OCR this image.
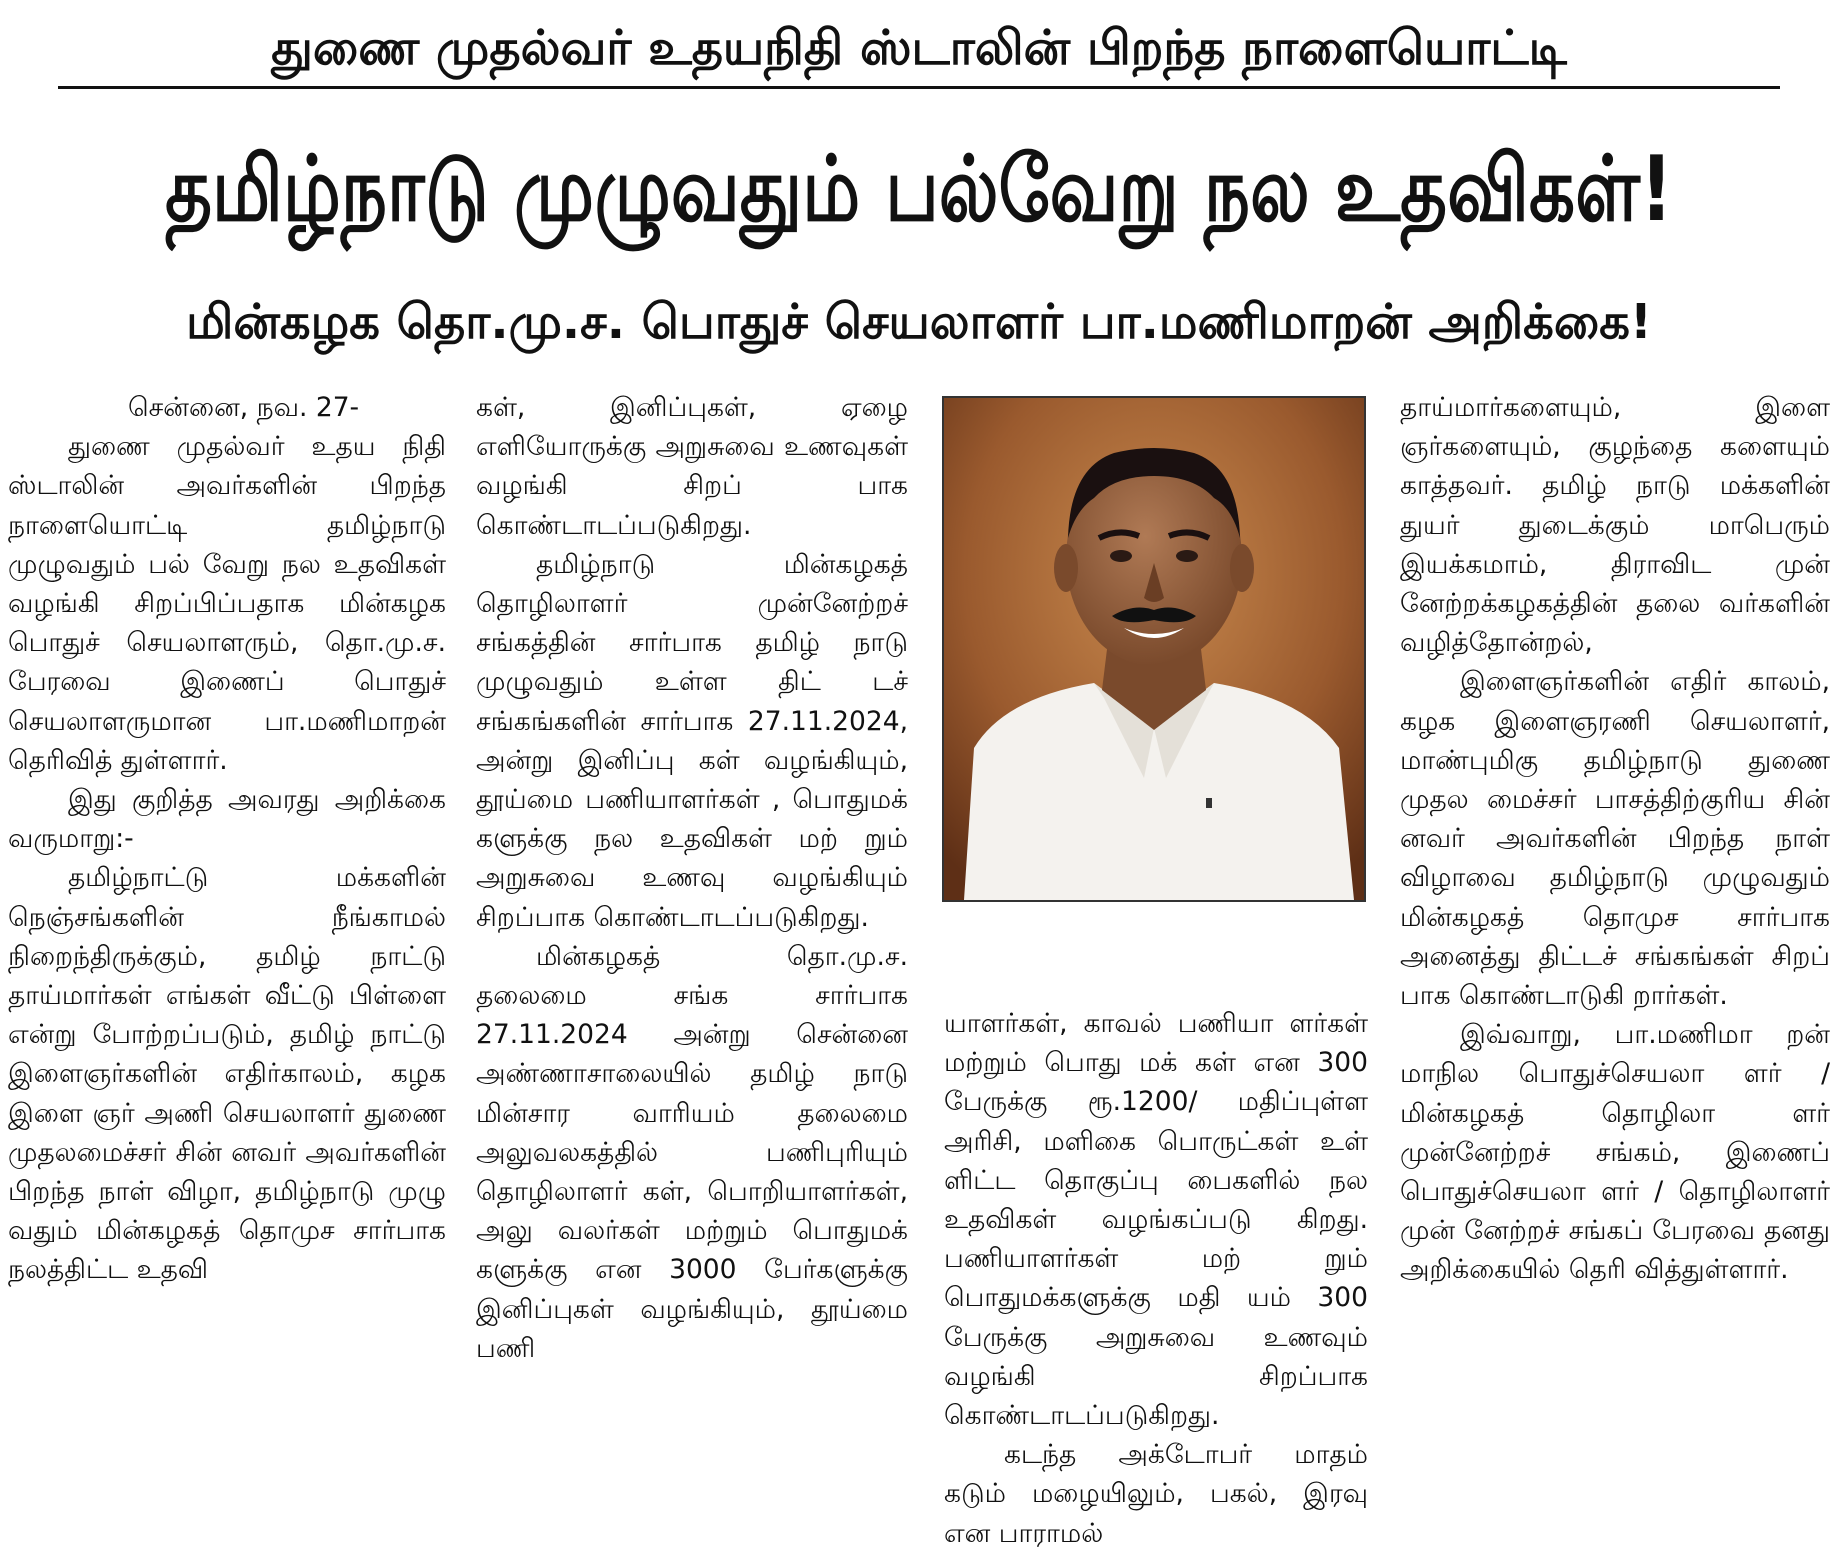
துணை முதல்வர் உதயநிதி ஸ்டாலின் பிறந்த நாளையொட்டி
தமிழ்நாடு முழுவதும் பல்வேறு நல உதவிகள்!
மின்கழக தொ.மு.ச. பொதுச் செயலாளர் பா.மணிமாறன் அறிக்கை!

சென்னை, நவ. 27-

துணை முதல்வர் உதய நிதி ஸ்டாலின் அவர்களின் பிறந்த நாளையொட்டி தமிழ்நாடு முழுவதும் பல் வேறு நல உதவிகள் வழங்கி சிறப்பிப்பதாக மின்கழக பொதுச் செயலாளரும், தொ.மு.ச. பேரவை இணைப் பொதுச் செயலாளருமான பா.மணிமாறன் தெரிவித் துள்ளார்.

இது குறித்த அவரது அறிக்கை வருமாறு:-

தமிழ்நாட்டு மக்களின் நெஞ்சங்களின் நீங்காமல் நிறைந்திருக்கும், தமிழ் நாட்டு தாய்மார்கள் எங்கள் வீட்டு பிள்ளை என்று போற்றப்படும், தமிழ் நாட்டு இளைஞர்களின் எதிர்காலம், கழக இளை ஞர் அணி செயலாளர் துணை முதலமைச்சர் சின் னவர் அவர்களின் பிறந்த நாள் விழா, தமிழ்நாடு முழு வதும் மின்கழகத் தொமுச சார்பாக நலத்திட்ட உதவி

கள், இனிப்புகள், ஏழை எளியோருக்கு அறுசுவை உணவுகள் வழங்கி சிறப் பாக கொண்டாடப்படுகிறது.

தமிழ்நாடு மின்கழகத் தொழிலாளர் முன்னேற்றச் சங்கத்தின் சார்பாக தமிழ் நாடு முழுவதும் உள்ள திட் டச் சங்கங்களின் சார்பாக 27.11.2024, அன்று இனிப்பு கள் வழங்கியும், தூய்மை பணியாளர்கள் , பொதுமக் களுக்கு நல உதவிகள் மற் றும் அறுசுவை உணவு வழங்கியும் சிறப்பாக கொண்டாடப்படுகிறது.

மின்கழகத் தொ.மு.ச. தலைமை சங்க சார்பாக 27.11.2024 அன்று சென்னை அண்ணாசாலையில் தமிழ் நாடு மின்சார வாரியம் தலைமை அலுவலகத்தில் பணிபுரியும் தொழிலாளர் கள், பொறியாளர்கள், அலு வலர்கள் மற்றும் பொதுமக் களுக்கு என 3000 பேர்களுக்கு இனிப்புகள் வழங்கியும், தூய்மை பணி

யாளர்கள், காவல் பணியா ளர்கள் மற்றும் பொது மக் கள் என 300 பேருக்கு ரூ.1200/ மதிப்புள்ள அரிசி, மளிகை பொருட்கள் உள் ளிட்ட தொகுப்பு பைகளில் நல உதவிகள் வழங்கப்படு கிறது. பணியாளர்கள் மற் றும் பொதுமக்களுக்கு மதி யம் 300 பேருக்கு அறுசுவை உணவும் வழங்கி சிறப்பாக கொண்டாடப்படுகிறது.

கடந்த அக்டோபர் மாதம் கடும் மழையிலும், பகல், இரவு என பாராமல்

தாய்மார்களையும், இளை ஞர்களையும், குழந்தை களையும் காத்தவர். தமிழ் நாடு மக்களின் துயர் துடைக்கும் மாபெரும் இயக்கமாம், திராவிட முன் னேற்றக்கழகத்தின் தலை வர்களின் வழித்தோன்றல்,

இளைஞர்களின் எதிர் காலம், கழக இளைஞரணி செயலாளர், மாண்புமிகு தமிழ்நாடு துணை முதல மைச்சர் பாசத்திற்குரிய சின் னவர் அவர்களின் பிறந்த நாள் விழாவை தமிழ்நாடு முழுவதும் மின்கழகத் தொமுச சார்பாக அனைத்து திட்டச் சங்கங்கள் சிறப் பாக கொண்டாடுகி றார்கள்.

இவ்வாறு, பா.மணிமா றன் மாநில பொதுச்செயலா ளர் / மின்கழகத் தொழிலா ளர் முன்னேற்றச் சங்கம், இணைப் பொதுச்செயலா ளர் / தொழிலாளர் முன் னேற்றச் சங்கப் பேரவை தனது அறிக்கையில் தெரி வித்துள்ளார்.
